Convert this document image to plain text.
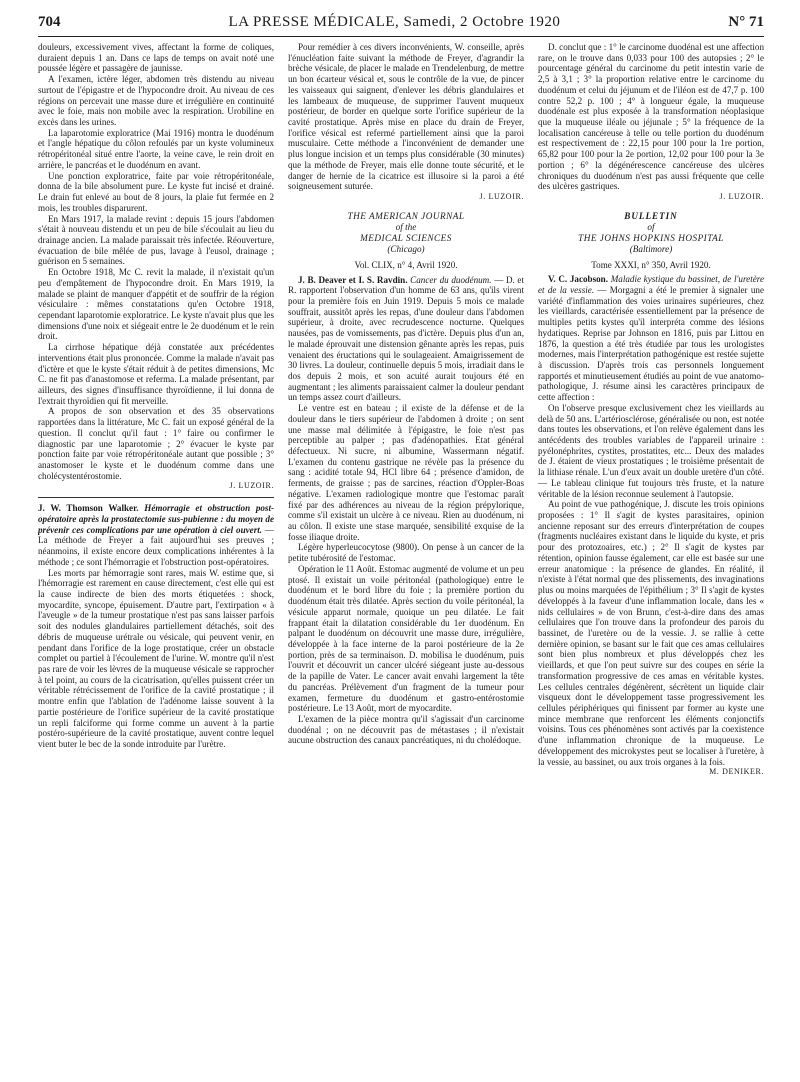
704	LA PRESSE MÉDICALE, Samedi, 2 Octobre 1920	N° 71

douleurs, excessivement vives, affectant la forme de coliques, duraient depuis 1 an. Dans ce laps de temps on avait noté une poussée légère et passagère de jaunisse.

A l'examen, ictère léger, abdomen très distendu au niveau surtout de l'épigastre et de l'hypocondre droit. Au niveau de ces régions on percevait une masse dure et irrégulière en continuité avec le foie, mais non mobile avec la respiration. Urobiline en excès dans les urines.

La laparotomie exploratrice (Mai 1916) montra le duodénum et l'angle hépatique du côlon refoulés par un kyste volumineux rétropéritonéal situé entre l'aorte, la veine cave, le rein droit en arrière, le pancréas et le duodénum en avant.

Une ponction exploratrice, faite par voie rétropéritonéale, donna de la bile absolument pure. Le kyste fut incisé et drainé. Le drain fut enlevé au bout de 8 jours, la plaie fut fermée en 2 mois, les troubles disparurent.

En Mars 1917, la malade revint : depuis 15 jours l'abdomen s'était à nouveau distendu et un peu de bile s'écoulait au lieu du drainage ancien. La malade paraissait très infectée. Réouverture, évacuation de bile mêlée de pus, lavage à l'eusol, drainage ; guérison en 5 semaines.

En Octobre 1918, Mc C. revit la malade, il n'existait qu'un peu d'empâtement de l'hypocondre droit. En Mars 1919, la malade se plaint de manquer d'appétit et de souffrir de la région vésiculaire : mêmes constatations qu'en Octobre 1918, cependant laparotomie exploratrice. Le kyste n'avait plus que les dimensions d'une noix et siégeait entre le 2e duodénum et le rein droit.

La cirrhose hépatique déjà constatée aux précédentes interventions était plus prononcée. Comme la malade n'avait pas d'ictère et que le kyste s'était réduit à de petites dimensions, Mc C. ne fit pas d'anastomose et referma. La malade présentant, par ailleurs, des signes d'insuffisance thyroïdienne, il lui donna de l'extrait thyroïdien qui fit merveille.

A propos de son observation et des 35 observations rapportées dans la littérature, Mc C. fait un exposé général de la question. Il conclut qu'il faut : 1° faire ou confirmer le diagnostic par une laparotomie ; 2° évacuer le kyste par ponction faite par voie rétropéritonéale autant que possible ; 3° anastomoser le kyste et le duodénum comme dans une cholécystentérostomie.

J. LUZOIR.

J. W. Thomson Walker. Hémorragie et obstruction post-opératoire après la prostatectomie sus-pubienne : du moyen de prévenir ces complications par une opération à ciel ouvert. — La méthode de Freyer a fait aujourd'hui ses preuves ; néanmoins, il existe encore deux complications inhérentes à la méthode ; ce sont l'hémorragie et l'obstruction post-opératoires.

Les morts par hémorragie sont rares, mais W. estime que, si l'hémorragie est rarement en cause directement, c'est elle qui est la cause indirecte de bien des morts étiquetées : shock, myocardite, syncope, épuisement. D'autre part, l'extirpation « à l'aveugle » de la tumeur prostatique n'est pas sans laisser parfois soit des nodules glandulaires partiellement détachés, soit des débris de muqueuse urétrale ou vésicale, qui peuvent venir, en pendant dans l'orifice de la loge prostatique, créer un obstacle complet ou partiel à l'écoulement de l'urine. W. montre qu'il n'est pas rare de voir les lèvres de la muqueuse vésicale se rapprocher à tel point, au cours de la cicatrisation, qu'elles puissent créer un véritable rétrécissement de l'orifice de la cavité prostatique ; il montre enfin que l'ablation de l'adénome laisse souvent à la partie postérieure de l'orifice supérieur de la cavité prostatique un repli falciforme qui forme comme un auvent à la partie postéro-supérieure de la cavité prostatique, auvent contre lequel vient buter le bec de la sonde introduite par l'urètre.

Pour remédier à ces divers inconvénients, W. conseille, après l'énucléation faite suivant la méthode de Freyer, d'agrandir la brèche vésicale, de placer le malade en Trendelenburg, de mettre un bon écarteur vésical et, sous le contrôle de la vue, de pincer les vaisseaux qui saignent, d'enlever les débris glandulaires et les lambeaux de muqueuse, de supprimer l'auvent muqueux postérieur, de border en quelque sorte l'orifice supérieur de la cavité prostatique. Après mise en place du drain de Freyer, l'orifice vésical est refermé partiellement ainsi que la paroi musculaire. Cette méthode a l'inconvénient de demander une plus longue incision et un temps plus considérable (30 minutes) que la méthode de Freyer, mais elle donne toute sécurité, et le danger de hernie de la cicatrice est illusoire si la paroi a été soigneusement suturée.

J. LUZOIR.

THE AMERICAN JOURNAL

of the

MEDICAL SCIENCES

(Chicago)

Vol. CLIX, n° 4, Avril 1920.

J. B. Deaver et I. S. Ravdin. Cancer du duodénum. — D. et R. rapportent l'observation d'un homme de 63 ans, qu'ils virent pour la première fois en Juin 1919. Depuis 5 mois ce malade souffrait, aussitôt après les repas, d'une douleur dans l'abdomen supérieur, à droite, avec recrudescence nocturne. Quelques nausées, pas de vomissements, pas d'ictère. Depuis plus d'un an, le malade éprouvait une distension gênante après les repas, puis venaient des éructations qui le soulageaient. Amaigrissement de 30 livres. La douleur, continuelle depuis 5 mois, irradiait dans le dos depuis 2 mois, et son acuité aurait toujours été en augmentant ; les aliments paraissaient calmer la douleur pendant un temps assez court d'ailleurs.

Le ventre est en bateau ; il existe de la défense et de la douleur dans le tiers supérieur de l'abdomen à droite ; on sent une masse mal délimitée à l'épigastre, le foie n'est pas perceptible au palper ; pas d'adénopathies. Etat général défectueux. Ni sucre, ni albumine, Wassermann négatif. L'examen du contenu gastrique ne révèle pas la présence du sang : acidité totale 94, HCl libre 64 ; présence d'amidon, de ferments, de graisse ; pas de sarcines, réaction d'Oppler-Boas négative. L'examen radiologique montre que l'estomac paraît fixé par des adhérences au niveau de la région prépylorique, comme s'il existait un ulcère à ce niveau. Rien au duodénum, ni au côlon. Il existe une stase marquée, sensibilité exquise de la fosse iliaque droite.

Légère hyperleucocytose (9800). On pense à un cancer de la petite tubérosité de l'estomac.

Opération le 11 Août. Estomac augmenté de volume et un peu ptosé. Il existait un voile péritonéal (pathologique) entre le duodénum et le bord libre du foie ; la première portion du duodénum était très dilatée. Après section du voile péritonéal, la vésicule apparut normale, quoique un peu dilatée. Le fait frappant était la dilatation considérable du 1er duodénum. En palpant le duodénum on découvrit une masse dure, irrégulière, développée à la face interne de la paroi postérieure de la 2e portion, près de sa terminaison. D. mobilisa le duodénum, puis l'ouvrit et découvrit un cancer ulcéré siégeant juste au-dessous de la papille de Vater. Le cancer avait envahi largement la tête du pancréas. Prélèvement d'un fragment de la tumeur pour examen, fermeture du duodénum et gastro-entérostomie postérieure. Le 13 Août, mort de myocardite.

L'examen de la pièce montra qu'il s'agissait d'un carcinome duodénal ; on ne découvrit pas de métastases ; il n'existait aucune obstruction des canaux pancréatiques, ni du cholédoque.

D. conclut que : 1° le carcinome duodénal est une affection rare, on le trouve dans 0,033 pour 100 des autopsies ; 2° le pourcentage général du carcinome du petit intestin varie de 2,5 à 3,1 ; 3° la proportion relative entre le carcinome du duodénum et celui du jéjunum et de l'iléon est de 47,7 p. 100 contre 52,2 p. 100 ; 4° à longueur égale, la muqueuse duodénale est plus exposée à la transformation néoplasique que la muqueuse iléale ou jéjunale ; 5° la fréquence de la localisation cancéreuse à telle ou telle portion du duodénum est respectivement de : 22,15 pour 100 pour la 1re portion, 65,82 pour 100 pour la 2e portion, 12,02 pour 100 pour la 3e portion ; 6° la dégénérescence cancéreuse des ulcères chroniques du duodénum n'est pas aussi fréquente que celle des ulcères gastriques.

J. LUZOIR.

BULLETIN

of

THE JOHNS HOPKINS HOSPITAL

(Baltimore)

Tome XXXI, n° 350, Avril 1920.

V. C. Jacobson. Maladie kystique du bassinet, de l'uretère et de la vessie. — Morgagni a été le premier à signaler une variété d'inflammation des voies urinaires supérieures, chez les vieillards, caractérisée essentiellement par la présence de multiples petits kystes qu'il interpréta comme des lésions hydatiques. Reprise par Johnson en 1816, puis par Littou en 1876, la question a été très étudiée par tous les urologistes modernes, mais l'interprétation pathogénique est restée sujette à discussion. D'après trois cas personnels longuement rapportés et minutieusement étudiés au point de vue anatomo-pathologique, J. résume ainsi les caractères principaux de cette affection :

On l'observe presque exclusivement chez les vieillards au delà de 50 ans. L'artériosclérose, généralisée ou non, est notée dans toutes les observations, et l'on relève également dans les antécédents des troubles variables de l'appareil urinaire : pyélonéphrites, cystites, prostatites, etc... Deux des malades de J. étaient de vieux prostatiques ; le troisième présentait de la lithiase rénale. L'un d'eux avait un double uretère d'un côté. — Le tableau clinique fut toujours très fruste, et la nature véritable de la lésion reconnue seulement à l'autopsie.

Au point de vue pathogénique, J. discute les trois opinions proposées : 1° Il s'agit de kystes parasitaires, opinion ancienne reposant sur des erreurs d'interprétation de coupes (fragments nucléaires existant dans le liquide du kyste, et pris pour des protozoaires, etc.) ; 2° Il s'agit de kystes par rétention, opinion fausse également, car elle est basée sur une erreur anatomique : la présence de glandes. En réalité, il n'existe à l'état normal que des plissements, des invaginations plus ou moins marquées de l'épithélium ; 3° Il s'agit de kystes développés à la faveur d'une inflammation locale, dans les « nids cellulaires » de von Brunn, c'est-à-dire dans des amas cellulaires que l'on trouve dans la profondeur des parois du bassinet, de l'uretère ou de la vessie. J. se rallie à cette dernière opinion, se basant sur le fait que ces amas cellulaires sont bien plus nombreux et plus développés chez les vieillards, et que l'on peut suivre sur des coupes en série la transformation progressive de ces amas en véritable kystes. Les cellules centrales dégénèrent, sécrètent un liquide clair visqueux dont le développement tasse progressivement les cellules périphériques qui finissent par former au kyste une mince membrane que renforcent les éléments conjonctifs voisins. Tous ces phénomènes sont activés par la coexistence d'une inflammation chronique de la muqueuse. Le développement des microkystes peut se localiser à l'uretère, à la vessie, au bassinet, ou aux trois organes à la fois.

M. DENIKER.
